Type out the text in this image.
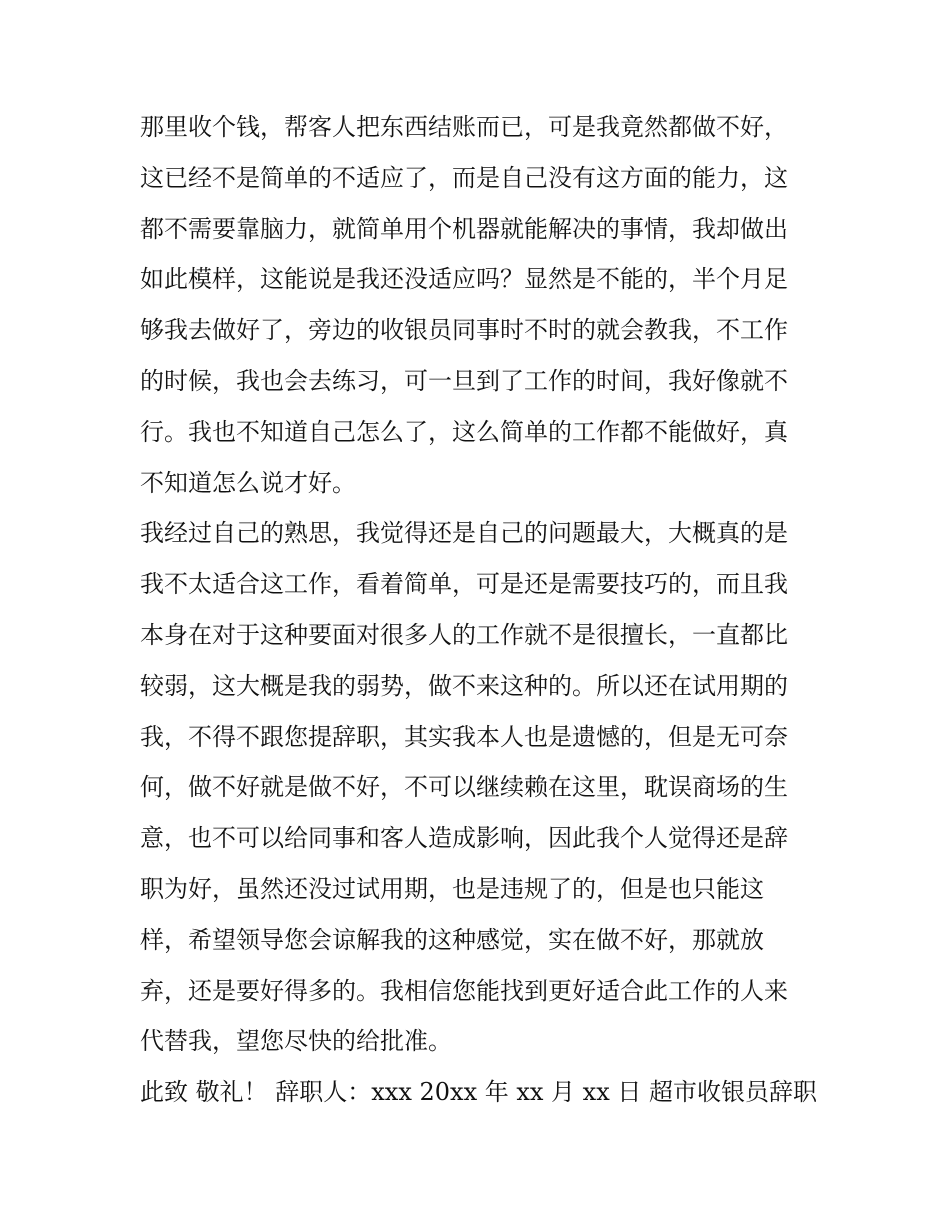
那里收个钱，帮客人把东西结账而已，可是我竟然都做不好，
这已经不是简单的不适应了，而是自己没有这方面的能力，这
都不需要靠脑力，就简单用个机器就能解决的事情，我却做出
如此模样，这能说是我还没适应吗？显然是不能的，半个月足
够我去做好了，旁边的收银员同事时不时的就会教我，不工作
的时候，我也会去练习，可一旦到了工作的时间，我好像就不
行。我也不知道自己怎么了，这么简单的工作都不能做好，真
不知道怎么说才好。
我经过自己的熟思，我觉得还是自己的问题最大，大概真的是
我不太适合这工作，看着简单，可是还是需要技巧的，而且我
本身在对于这种要面对很多人的工作就不是很擅长，一直都比
较弱，这大概是我的弱势，做不来这种的。所以还在试用期的
我，不得不跟您提辞职，其实我本人也是遗憾的，但是无可奈
何，做不好就是做不好，不可以继续赖在这里，耽误商场的生
意，也不可以给同事和客人造成影响，因此我个人觉得还是辞
职为好，虽然还没过试用期，也是违规了的，但是也只能这
样，希望领导您会谅解我的这种感觉，实在做不好，那就放
弃，还是要好得多的。我相信您能找到更好适合此工作的人来
代替我，望您尽快的给批准。
此致 敬礼！ 辞职人：xxx 20xx 年 xx 月 xx 日 超市收银员辞职
